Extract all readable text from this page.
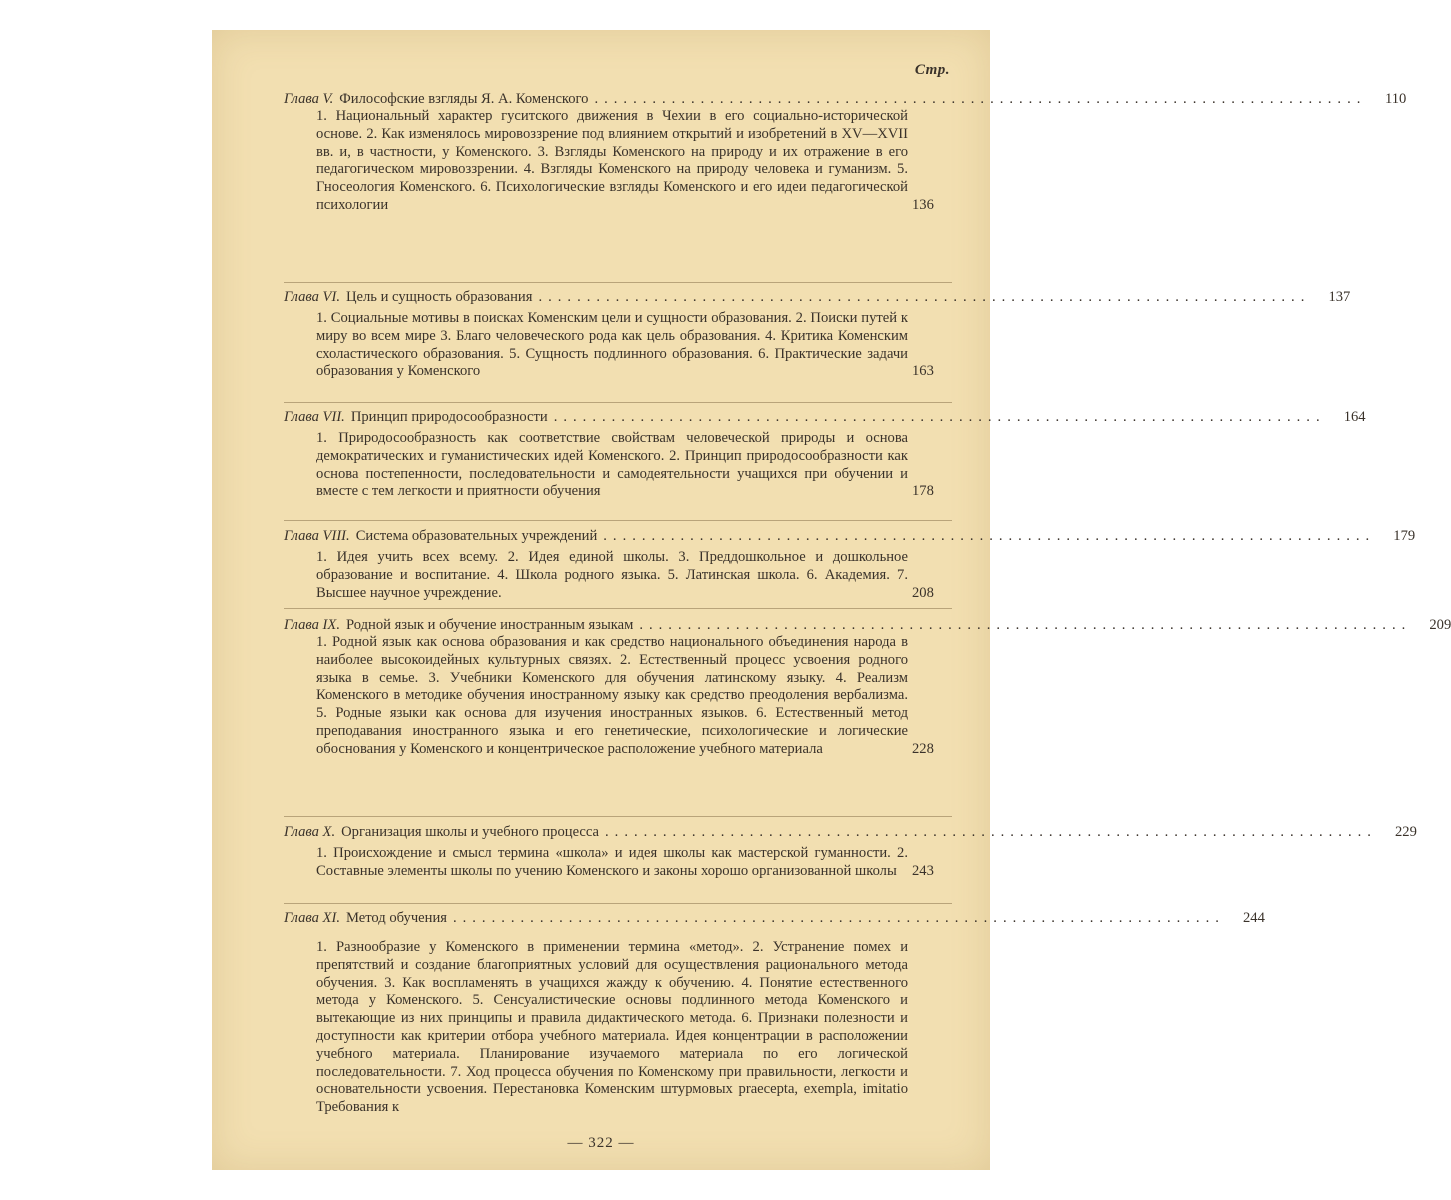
Стр.
Глава V. Философские взгляды Я. А. Коменского ................................................................................	110
1. Национальный характер гуситского движения в Чехии в его социально-исторической основе. 2. Как изменялось мировоззрение под влиянием открытий и изобретений в XV—XVII вв. и, в частности, у Коменского. 3. Взгляды Коменского на природу и их отражение в его педагогическом мировоззрении. 4. Взгляды Коменского на природу человека и гуманизм. 5. Гносеология Коменского. 6. Психологические взгляды Коменского и его идеи педагогической психологии	136
Глава VI. Цель и сущность образования ................................................................................	137
1. Социальные мотивы в поисках Коменским цели и сущности образования. 2. Поиски путей к миру во всем мире 3. Благо человеческого рода как цель образования. 4. Критика Коменским схоластического образования. 5. Сущность подлинного образования. 6. Практические задачи образования у Коменского	163
Глава VII. Принцип природосообразности ................................................................................	164
1. Природосообразность как соответствие свойствам человеческой природы и основа демократических и гуманистических идей Коменского. 2. Принцип природосообразности как основа постепенности, последовательности и самодеятельности учащихся при обучении и вместе с тем легкости и приятности обучения	178
Глава VIII. Система образовательных учреждений ................................................................................	179
1. Идея учить всех всему. 2. Идея единой школы. 3. Преддошкольное и дошкольное образование и воспитание. 4. Школа родного языка. 5. Латинская школа. 6. Академия. 7. Высшее научное учреждение.	208
Глава IX. Родной язык и обучение иностранным языкам ................................................................................	209
1. Родной язык как основа образования и как средство национального объединения народа в наиболее высокоидейных культурных связях. 2. Естественный процесс усвоения родного языка в семье. 3. Учебники Коменского для обучения латинскому языку. 4. Реализм Коменского в методике обучения иностранному языку как средство преодоления вербализма. 5. Родные языки как основа для изучения иностранных языков. 6. Естественный метод преподавания иностранного языка и его генетические, психологические и логические обоснования у Коменского и концентрическое расположение учебного материала	228
Глава X. Организация школы и учебного процесса ................................................................................	229
1. Происхождение и смысл термина «школа» и идея школы как мастерской гуманности. 2. Составные элементы школы по учению Коменского и законы хорошо организованной школы	243
Глава XI. Метод обучения ................................................................................	244
1. Разнообразие у Коменского в применении термина «метод». 2. Устранение помех и препятствий и создание благоприятных условий для осуществления рационального метода обучения. 3. Как воспламенять в учащихся жажду к обучению. 4. Понятие естественного метода у Коменского. 5. Сенсуалистические основы подлинного метода Коменского и вытекающие из них принципы и правила дидактического метода. 6. Признаки полезности и доступности как критерии отбора учебного материала. Идея концентрации в расположении учебного материала. Планирование изучаемого материала по его логической последовательности. 7. Ход процесса обучения по Коменскому при правильности, легкости и основательности усвоения. Перестановка Коменским штурмовых praecepta, exempla, imitatio Требования к
— 322 —
